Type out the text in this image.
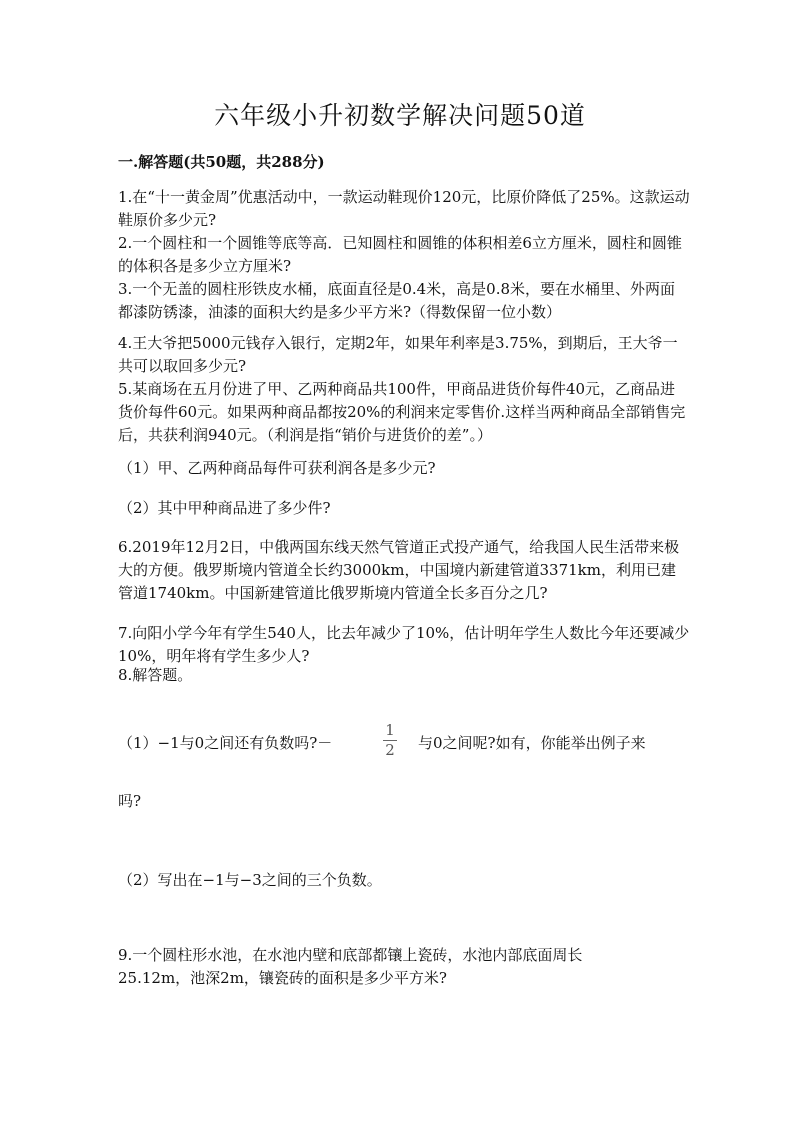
六年级小升初数学解决问题50道
一.解答题(共50题，共288分)

1.在“十一黄金周”优惠活动中，一款运动鞋现价120元，比原价降低了25%。这款运动鞋原价多少元?

2.一个圆柱和一个圆锥等底等高．已知圆柱和圆锥的体积相差6立方厘米，圆柱和圆锥的体积各是多少立方厘米?

3.一个无盖的圆柱形铁皮水桶，底面直径是0.4米，高是0.8米，要在水桶里、外两面都漆防锈漆，油漆的面积大约是多少平方米?（得数保留一位小数）

4.王大爷把5000元钱存入银行，定期2年，如果年利率是3.75%，到期后，王大爷一共可以取回多少元?

5.某商场在五月份进了甲、乙两种商品共100件，甲商品进货价每件40元，乙商品进货价每件60元。如果两种商品都按20%的利润来定零售价.这样当两种商品全部销售完后，共获利润940元。（利润是指“销价与进货价的差”。）

（1）甲、乙两种商品每件可获利润各是多少元?

（2）其中甲种商品进了多少件?

6.2019年12月2日，中俄两国东线天然气管道正式投产通气，给我国人民生活带来极大的方便。俄罗斯境内管道全长约3000km，中国境内新建管道3371km，利用已建管道1740km。中国新建管道比俄罗斯境内管道全长多百分之几?

7.向阳小学今年有学生540人，比去年减少了10%，估计明年学生人数比今年还要减少10%，明年将有学生多少人?

8.解答题。

（1）−1与0之间还有负数吗?－

1
2 与0之间呢?如有，你能举出例子来

吗?

（2）写出在−1与−3之间的三个负数。

9.一个圆柱形水池，在水池内壁和底部都镶上瓷砖，水池内部底面周长25.12m，池深2m，镶瓷砖的面积是多少平方米?
